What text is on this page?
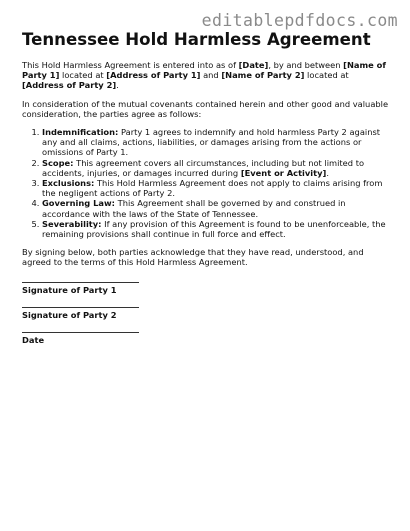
editablepdfdocs.com
Tennessee Hold Harmless Agreement

This Hold Harmless Agreement is entered into as of [Date], by and between [Name of Party 1] located at [Address of Party 1] and [Name of Party 2] located at [Address of Party 2].

In consideration of the mutual covenants contained herein and other good and valuable consideration, the parties agree as follows:

1. Indemnification: Party 1 agrees to indemnify and hold harmless Party 2 against any and all claims, actions, liabilities, or damages arising from the actions or omissions of Party 1.
2. Scope: This agreement covers all circumstances, including but not limited to accidents, injuries, or damages incurred during [Event or Activity].
3. Exclusions: This Hold Harmless Agreement does not apply to claims arising from the negligent actions of Party 2.
4. Governing Law: This Agreement shall be governed by and construed in accordance with the laws of the State of Tennessee.
5. Severability: If any provision of this Agreement is found to be unenforceable, the remaining provisions shall continue in full force and effect.

By signing below, both parties acknowledge that they have read, understood, and agreed to the terms of this Hold Harmless Agreement.

Signature of Party 1

Signature of Party 2

Date
